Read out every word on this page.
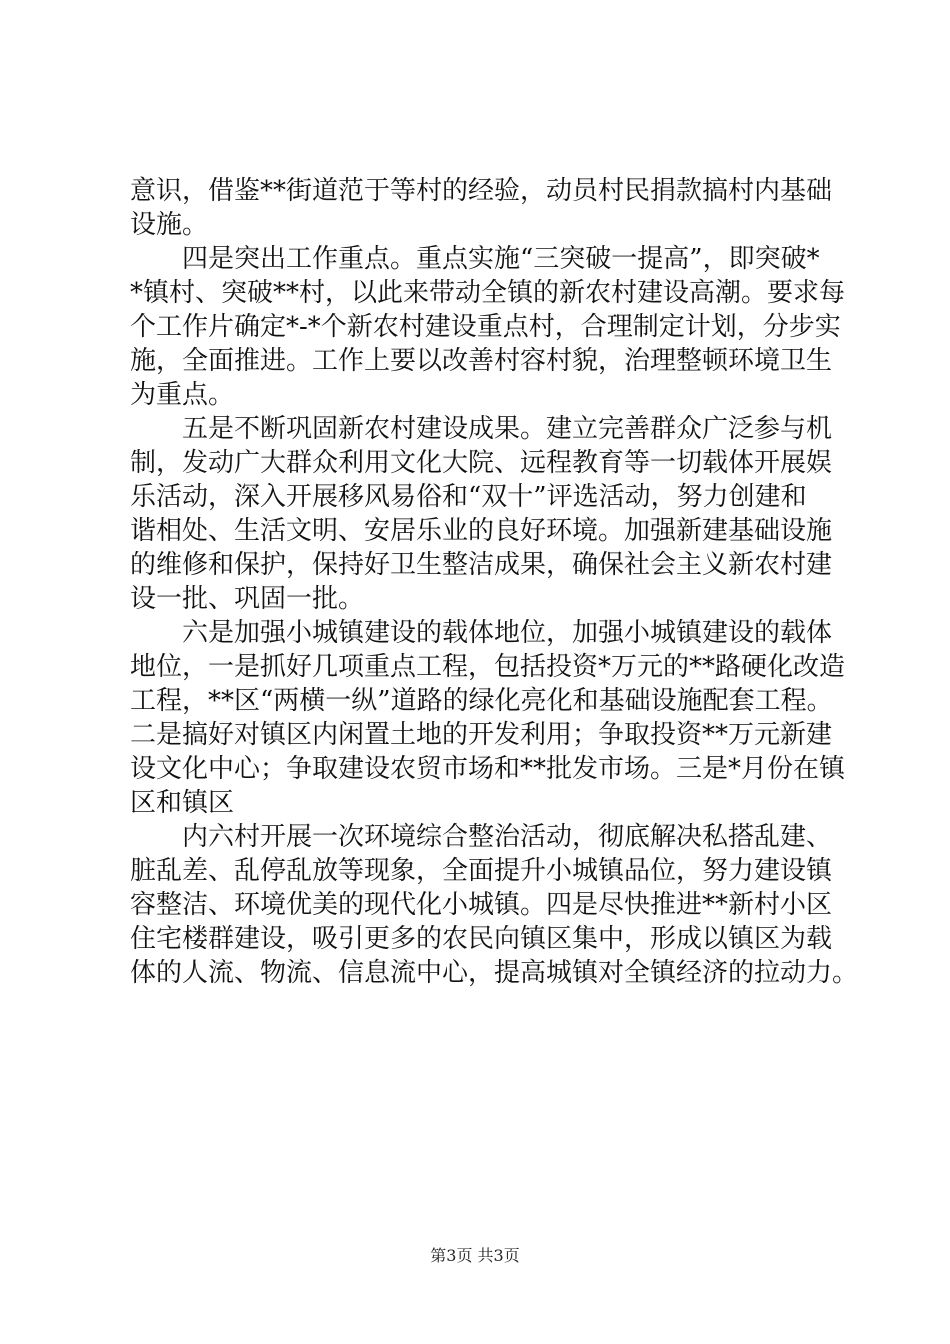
意识，借鉴**街道范于等村的经验，动员村民捐款搞村内基础
设施。
　　四是突出工作重点。重点实施“三突破一提高”，即突破*
*镇村、突破**村，以此来带动全镇的新农村建设高潮。要求每
个工作片确定*-*个新农村建设重点村，合理制定计划，分步实
施，全面推进。工作上要以改善村容村貌，治理整顿环境卫生
为重点。
　　五是不断巩固新农村建设成果。建立完善群众广泛参与机
制，发动广大群众利用文化大院、远程教育等一切载体开展娱
乐活动，深入开展移风易俗和“双十”评选活动，努力创建和
谐相处、生活文明、安居乐业的良好环境。加强新建基础设施
的维修和保护，保持好卫生整洁成果，确保社会主义新农村建
设一批、巩固一批。
　　六是加强小城镇建设的载体地位，加强小城镇建设的载体
地位，一是抓好几项重点工程，包括投资*万元的**路硬化改造
工程，**区“两横一纵”道路的绿化亮化和基础设施配套工程。
二是搞好对镇区内闲置土地的开发利用；争取投资**万元新建
设文化中心；争取建设农贸市场和**批发市场。三是*月份在镇
区和镇区
　　内六村开展一次环境综合整治活动，彻底解决私搭乱建、
脏乱差、乱停乱放等现象，全面提升小城镇品位，努力建设镇
容整洁、环境优美的现代化小城镇。四是尽快推进**新村小区
住宅楼群建设，吸引更多的农民向镇区集中，形成以镇区为载
体的人流、物流、信息流中心，提高城镇对全镇经济的拉动力。
第3页 共3页
